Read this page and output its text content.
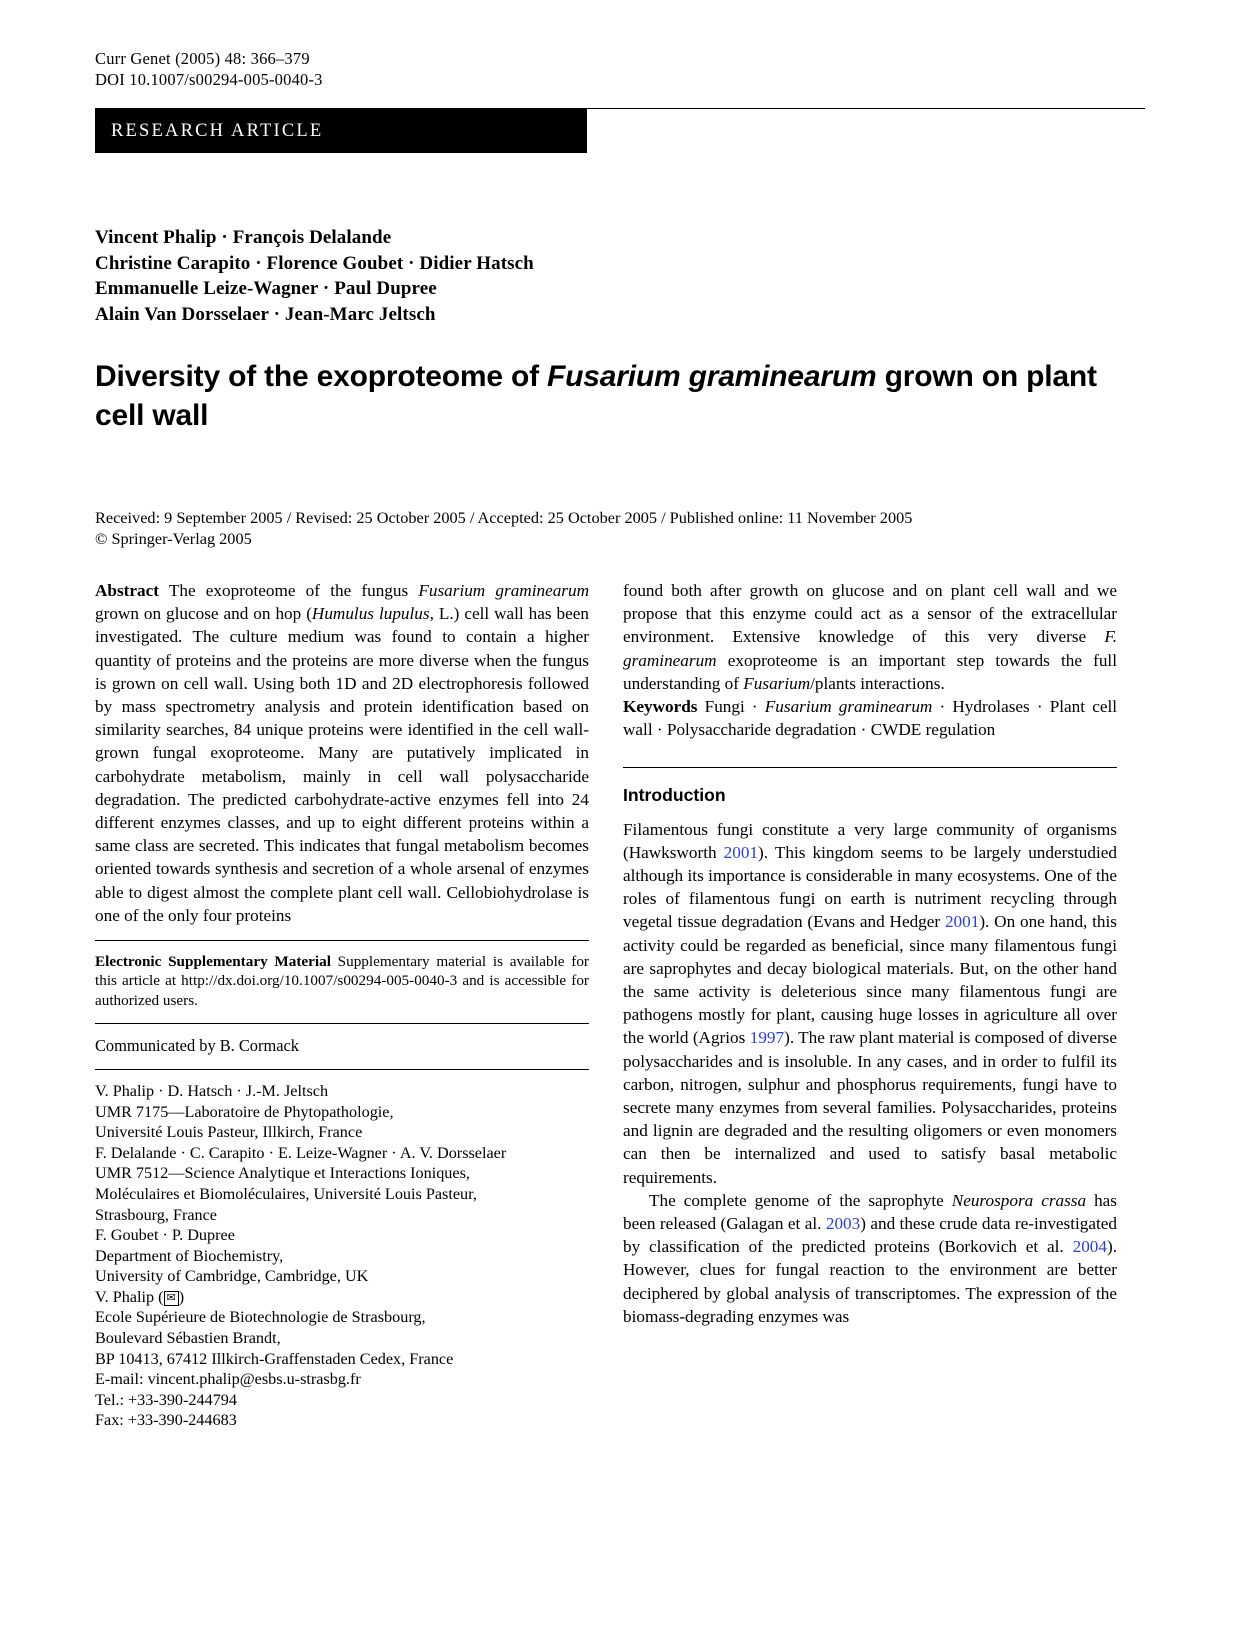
Curr Genet (2005) 48: 366–379
DOI 10.1007/s00294-005-0040-3
RESEARCH ARTICLE
Vincent Phalip · François Delalande
Christine Carapito · Florence Goubet · Didier Hatsch
Emmanuelle Leize-Wagner · Paul Dupree
Alain Van Dorsselaer · Jean-Marc Jeltsch
Diversity of the exoproteome of Fusarium graminearum grown on plant cell wall
Received: 9 September 2005 / Revised: 25 October 2005 / Accepted: 25 October 2005 / Published online: 11 November 2005
© Springer-Verlag 2005

Abstract The exoproteome of the fungus Fusarium graminearum grown on glucose and on hop (Humulus lupulus, L.) cell wall has been investigated. The culture medium was found to contain a higher quantity of proteins and the proteins are more diverse when the fungus is grown on cell wall. Using both 1D and 2D electrophoresis followed by mass spectrometry analysis and protein identification based on similarity searches, 84 unique proteins were identified in the cell wall-grown fungal exoproteome. Many are putatively implicated in carbohydrate metabolism, mainly in cell wall polysaccharide degradation. The predicted carbohydrate-active enzymes fell into 24 different enzymes classes, and up to eight different proteins within a same class are secreted. This indicates that fungal metabolism becomes oriented towards synthesis and secretion of a whole arsenal of enzymes able to digest almost the complete plant cell wall. Cellobiohydrolase is one of the only four proteins

Electronic Supplementary Material Supplementary material is available for this article at http://dx.doi.org/10.1007/s00294-005-0040-3 and is accessible for authorized users.

Communicated by B. Cormack

V. Phalip · D. Hatsch · J.-M. Jeltsch
UMR 7175—Laboratoire de Phytopathologie,
Université Louis Pasteur, Illkirch, France

F. Delalande · C. Carapito · E. Leize-Wagner · A. V. Dorsselaer
UMR 7512—Science Analytique et Interactions Ioniques,
Moléculaires et Biomoléculaires, Université Louis Pasteur,
Strasbourg, France

F. Goubet · P. Dupree
Department of Biochemistry,
University of Cambridge, Cambridge, UK

V. Phalip ( ✉ )
Ecole Supérieure de Biotechnologie de Strasbourg,
Boulevard Sébastien Brandt,
BP 10413, 67412 Illkirch-Graffenstaden Cedex, France
E-mail: vincent.phalip@esbs.u-strasbg.fr
Tel.: +33-390-244794
Fax: +33-390-244683

found both after growth on glucose and on plant cell wall and we propose that this enzyme could act as a sensor of the extracellular environment. Extensive knowledge of this very diverse F. graminearum exoproteome is an important step towards the full understanding of Fusarium/plants interactions.

Keywords Fungi · Fusarium graminearum · Hydrolases · Plant cell wall · Polysaccharide degradation · CWDE regulation

Introduction

Filamentous fungi constitute a very large community of organisms (Hawksworth 2001). This kingdom seems to be largely understudied although its importance is considerable in many ecosystems. One of the roles of filamentous fungi on earth is nutriment recycling through vegetal tissue degradation (Evans and Hedger 2001). On one hand, this activity could be regarded as beneficial, since many filamentous fungi are saprophytes and decay biological materials. But, on the other hand the same activity is deleterious since many filamentous fungi are pathogens mostly for plant, causing huge losses in agriculture all over the world (Agrios 1997). The raw plant material is composed of diverse polysaccharides and is insoluble. In any cases, and in order to fulfil its carbon, nitrogen, sulphur and phosphorus requirements, fungi have to secrete many enzymes from several families. Polysaccharides, proteins and lignin are degraded and the resulting oligomers or even monomers can then be internalized and used to satisfy basal metabolic requirements.

The complete genome of the saprophyte Neurospora crassa has been released (Galagan et al. 2003) and these crude data re-investigated by classification of the predicted proteins (Borkovich et al. 2004). However, clues for fungal reaction to the environment are better deciphered by global analysis of transcriptomes. The expression of the biomass-degrading enzymes was
